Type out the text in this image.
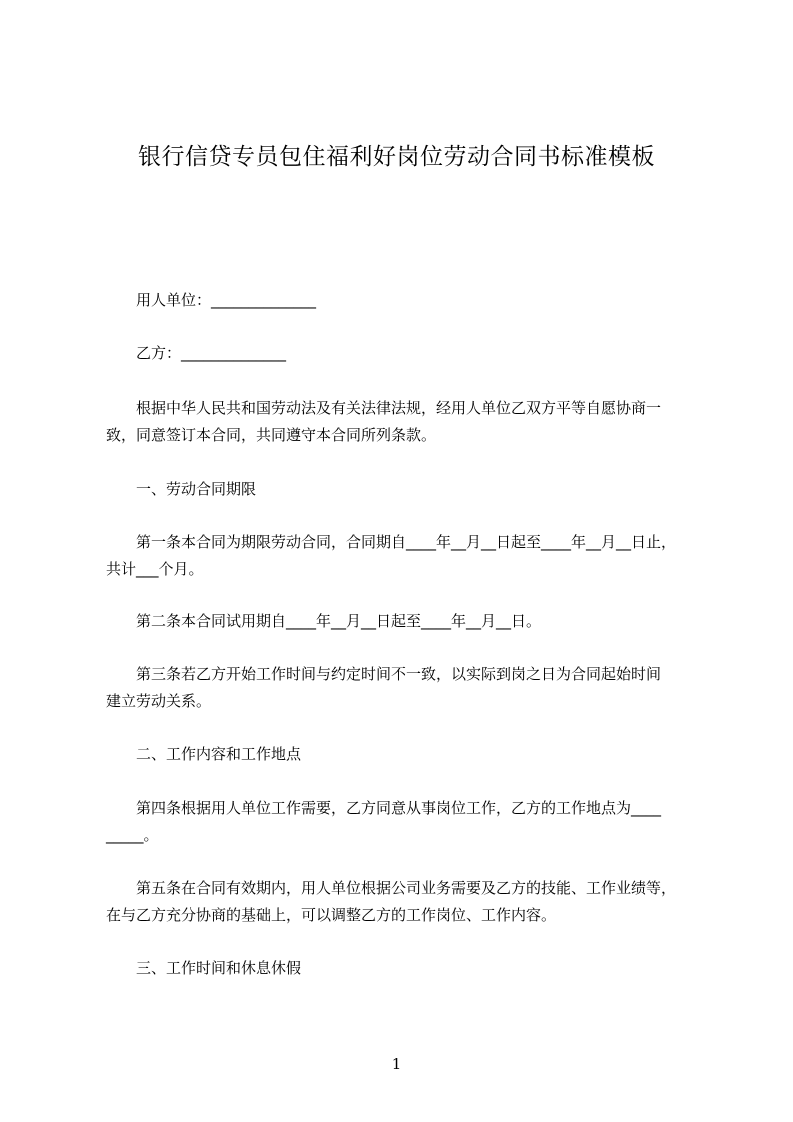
银行信贷专员包住福利好岗位劳动合同书标准模板

用人单位：______________

乙方：______________

根据中华人民共和国劳动法及有关法律法规，经用人单位乙双方平等自愿协商一

致，同意签订本合同，共同遵守本合同所列条款。

一、劳动合同期限

第一条本合同为期限劳动合同，合同期自____年__月__日起至____年__月__日止，

共计___个月。

第二条本合同试用期自____年__月__日起至____年__月__日。

第三条若乙方开始工作时间与约定时间不一致，以实际到岗之日为合同起始时间

建立劳动关系。

二、工作内容和工作地点

第四条根据用人单位工作需要，乙方同意从事岗位工作，乙方的工作地点为____

_____。

第五条在合同有效期内，用人单位根据公司业务需要及乙方的技能、工作业绩等，

在与乙方充分协商的基础上，可以调整乙方的工作岗位、工作内容。

三、工作时间和休息休假

1
